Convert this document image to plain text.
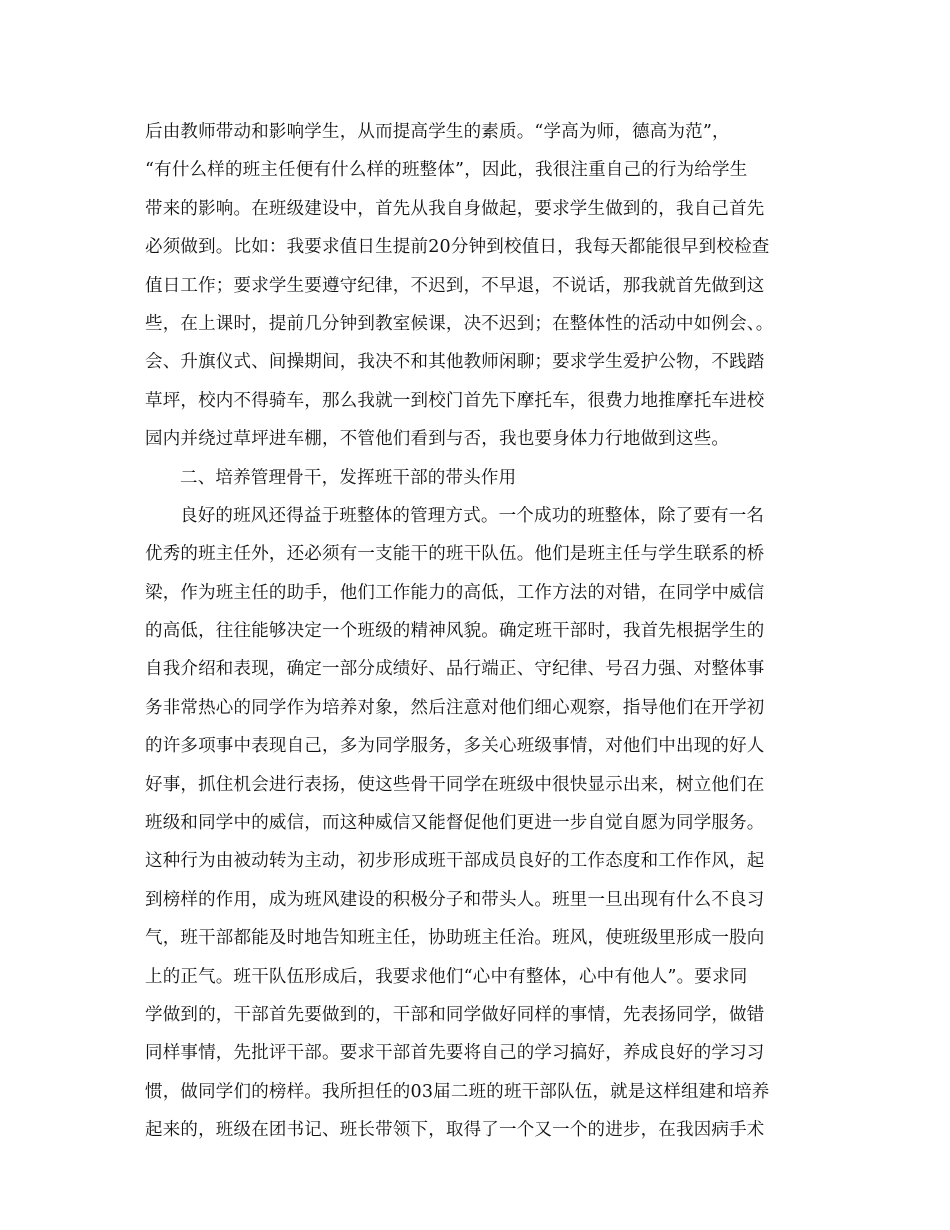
后由教师带动和影响学生，从而提高学生的素质。“学高为师，德高为范”，
“有什么样的班主任便有什么样的班整体”，因此，我很注重自己的行为给学生
带来的影响。在班级建设中，首先从我自身做起，要求学生做到的，我自己首先
必须做到。比如：我要求值日生提前20分钟到校值日，我每天都能很早到校检查
值日工作；要求学生要遵守纪律，不迟到，不早退，不说话，那我就首先做到这
些，在上课时，提前几分钟到教室候课，决不迟到；在整体性的活动中如例会、。
会、升旗仪式、间操期间，我决不和其他教师闲聊；要求学生爱护公物，不践踏
草坪，校内不得骑车，那么我就一到校门首先下摩托车，很费力地推摩托车进校
园内并绕过草坪进车棚，不管他们看到与否，我也要身体力行地做到这些。
二、培养管理骨干，发挥班干部的带头作用
良好的班风还得益于班整体的管理方式。一个成功的班整体，除了要有一名
优秀的班主任外，还必须有一支能干的班干队伍。他们是班主任与学生联系的桥
梁，作为班主任的助手，他们工作能力的高低，工作方法的对错，在同学中威信
的高低，往往能够决定一个班级的精神风貌。确定班干部时，我首先根据学生的
自我介绍和表现，确定一部分成绩好、品行端正、守纪律、号召力强、对整体事
务非常热心的同学作为培养对象，然后注意对他们细心观察，指导他们在开学初
的许多项事中表现自己，多为同学服务，多关心班级事情，对他们中出现的好人
好事，抓住机会进行表扬，使这些骨干同学在班级中很快显示出来，树立他们在
班级和同学中的威信，而这种威信又能督促他们更进一步自觉自愿为同学服务。
这种行为由被动转为主动，初步形成班干部成员良好的工作态度和工作作风，起
到榜样的作用，成为班风建设的积极分子和带头人。班里一旦出现有什么不良习
气，班干部都能及时地告知班主任，协助班主任治。班风，使班级里形成一股向
上的正气。班干队伍形成后，我要求他们“心中有整体，心中有他人”。要求同
学做到的，干部首先要做到的，干部和同学做好同样的事情，先表扬同学，做错
同样事情，先批评干部。要求干部首先要将自己的学习搞好，养成良好的学习习
惯，做同学们的榜样。我所担任的03届二班的班干部队伍，就是这样组建和培养
起来的，班级在团书记、班长带领下，取得了一个又一个的进步，在我因病手术
